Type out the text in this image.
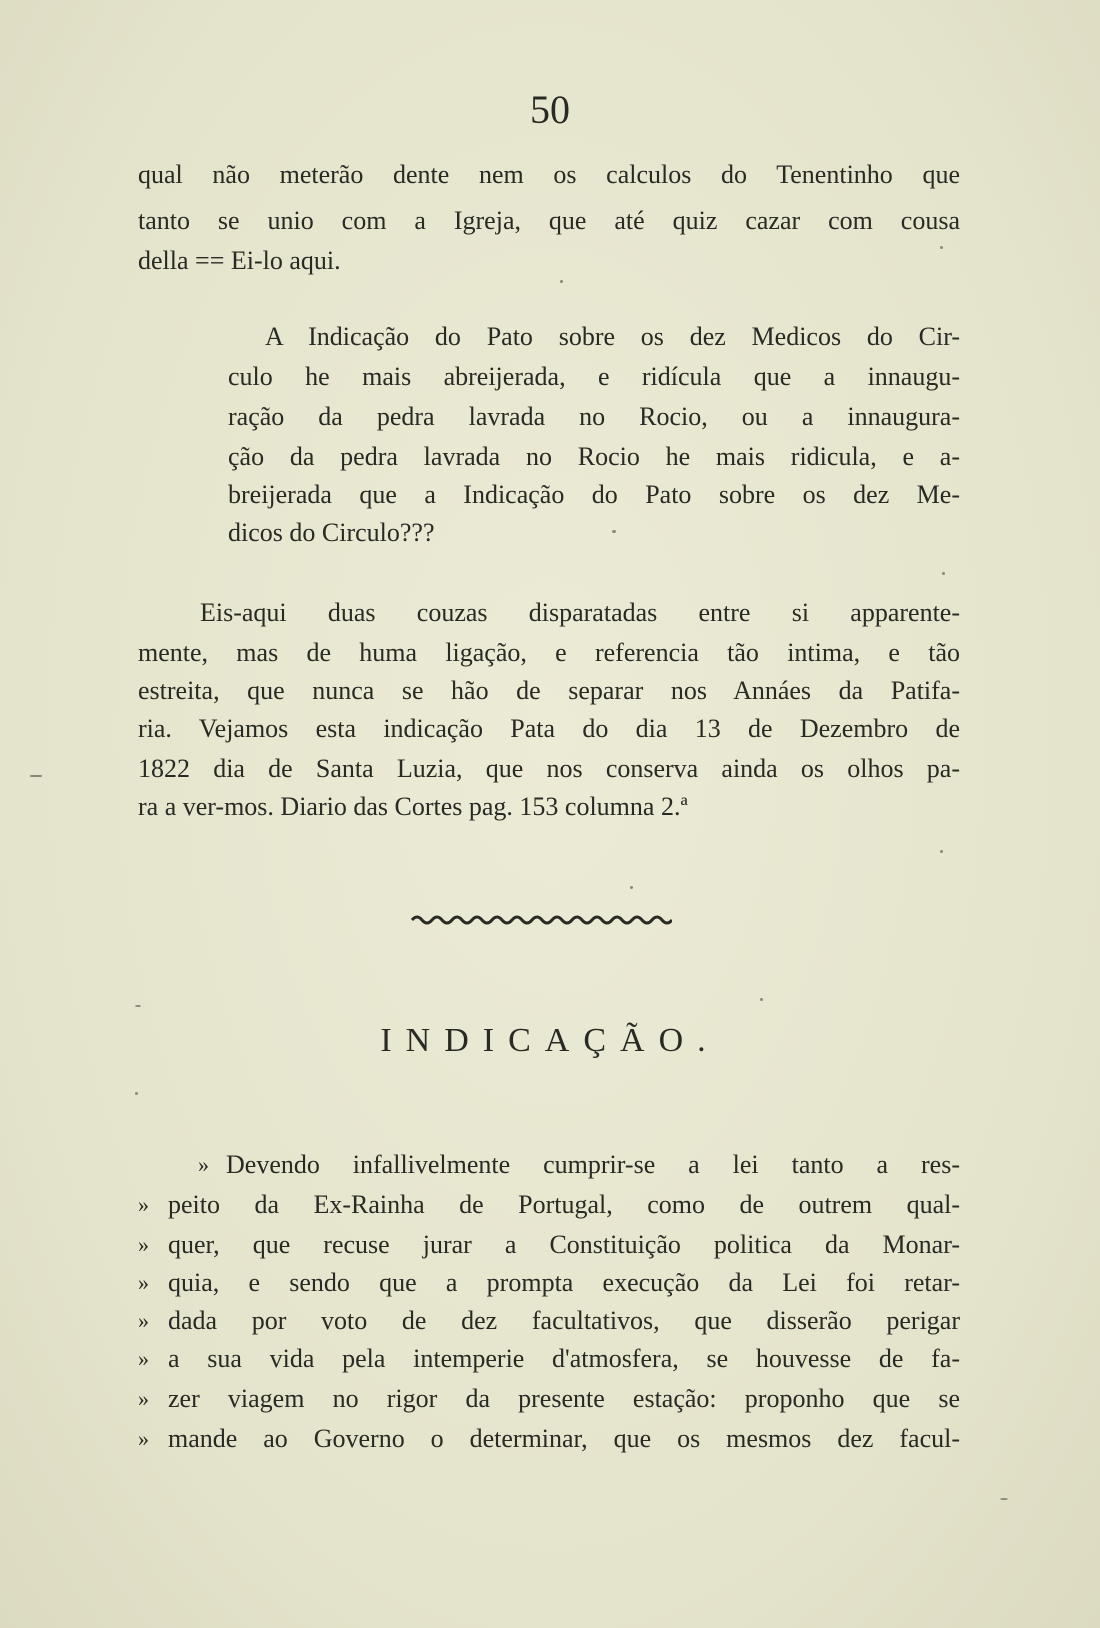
50
qual não meterão dente nem os calculos do Tenentinho que
tanto se unio com a Igreja, que até quiz cazar com cousa
della == Ei-lo aqui.
A Indicação do Pato sobre os dez Medicos do Cir-
culo he mais abreijerada, e ridícula que a innaugu-
ração da pedra lavrada no Rocio, ou a innaugura-
ção da pedra lavrada no Rocio he mais ridicula, e a-
breijerada que a Indicação do Pato sobre os dez Me-
dicos do Circulo???
Eis-aqui duas couzas disparatadas entre si apparente-
mente, mas de huma ligação, e referencia tão intima, e tão
estreita, que nunca se hão de separar nos Annáes da Patifa-
ria. Vejamos esta indicação Pata do dia 13 de Dezembro de
1822 dia de Santa Luzia, que nos conserva ainda os olhos pa-
ra a ver-mos. Diario das Cortes pag. 153 columna 2.ª
INDICAÇÃO.
» Devendo infallivelmente cumprir-se a lei tanto a res-
» peito da Ex-Rainha de Portugal, como de outrem qual-
» quer, que recuse jurar a Constituição politica da Monar-
» quia, e sendo que a prompta execução da Lei foi retar-
» dada por voto de dez facultativos, que disserão perigar
» a sua vida pela intemperie d'atmosfera, se houvesse de fa-
» zer viagem no rigor da presente estação: proponho que se
» mande ao Governo o determinar, que os mesmos dez facul-
